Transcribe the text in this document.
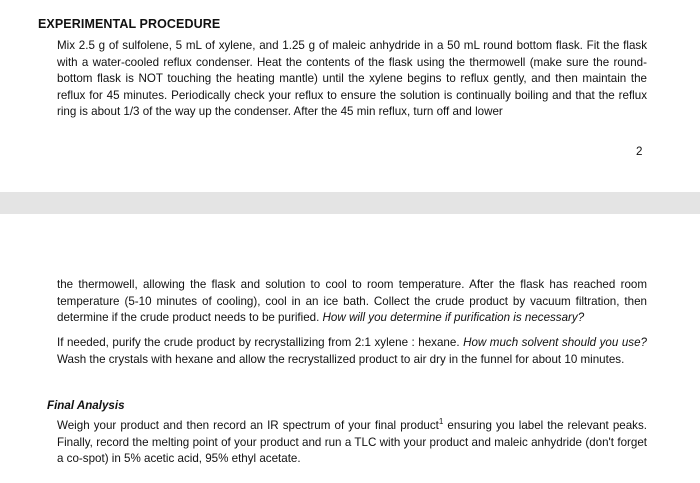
EXPERIMENTAL PROCEDURE

Mix 2.5 g of sulfolene, 5 mL of xylene, and 1.25 g of maleic anhydride in a 50 mL round bottom flask. Fit the flask with a water-cooled reflux condenser. Heat the contents of the flask using the thermowell (make sure the round-bottom flask is NOT touching the heating mantle) until the xylene begins to reflux gently, and then maintain the reflux for 45 minutes. Periodically check your reflux to ensure the solution is continually boiling and that the reflux ring is about 1/3 of the way up the condenser. After the 45 min reflux, turn off and lower

2

the thermowell, allowing the flask and solution to cool to room temperature. After the flask has reached room temperature (5-10 minutes of cooling), cool in an ice bath. Collect the crude product by vacuum filtration, then determine if the crude product needs to be purified. How will you determine if purification is necessary?

If needed, purify the crude product by recrystallizing from 2:1 xylene : hexane. How much solvent should you use? Wash the crystals with hexane and allow the recrystallized product to air dry in the funnel for about 10 minutes.

Final Analysis

Weigh your product and then record an IR spectrum of your final product$^1$ ensuring you label the relevant peaks. Finally, record the melting point of your product and run a TLC with your product and maleic anhydride (don't forget a co-spot) in 5% acetic acid, 95% ethyl acetate.
